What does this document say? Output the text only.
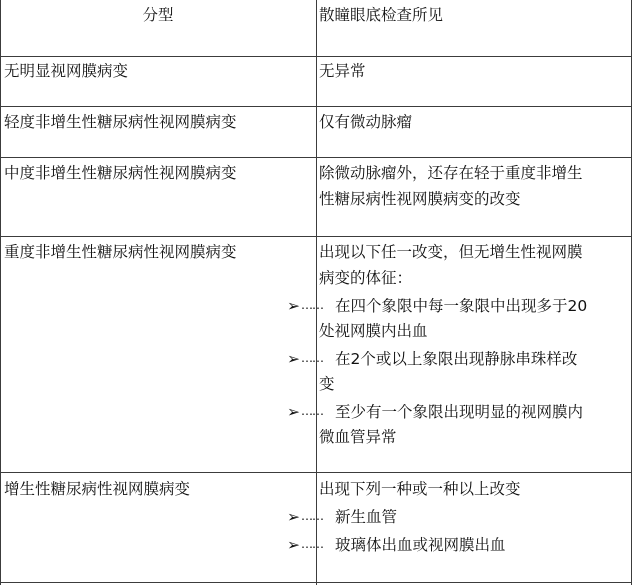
分型	散瞳眼底检查所见
无明显视网膜病变	无异常
轻度非增生性糖尿病性视网膜病变	仅有微动脉瘤
中度非增生性糖尿病性视网膜病变	除微动脉瘤外，还存在轻于重度非增生
性糖尿病性视网膜病变的改变
重度非增生性糖尿病性视网膜病变	出现以下任一改变，但无增生性视网膜
病变的体征：
➢…… 在四个象限中每一象限中出现多于20
处视网膜内出血
➢…… 在2个或以上象限出现静脉串珠样改
变
➢…… 至少有一个象限出现明显的视网膜内
微血管异常
增生性糖尿病性视网膜病变	出现下列一种或一种以上改变
➢…… 新生血管
➢…… 玻璃体出血或视网膜出血
